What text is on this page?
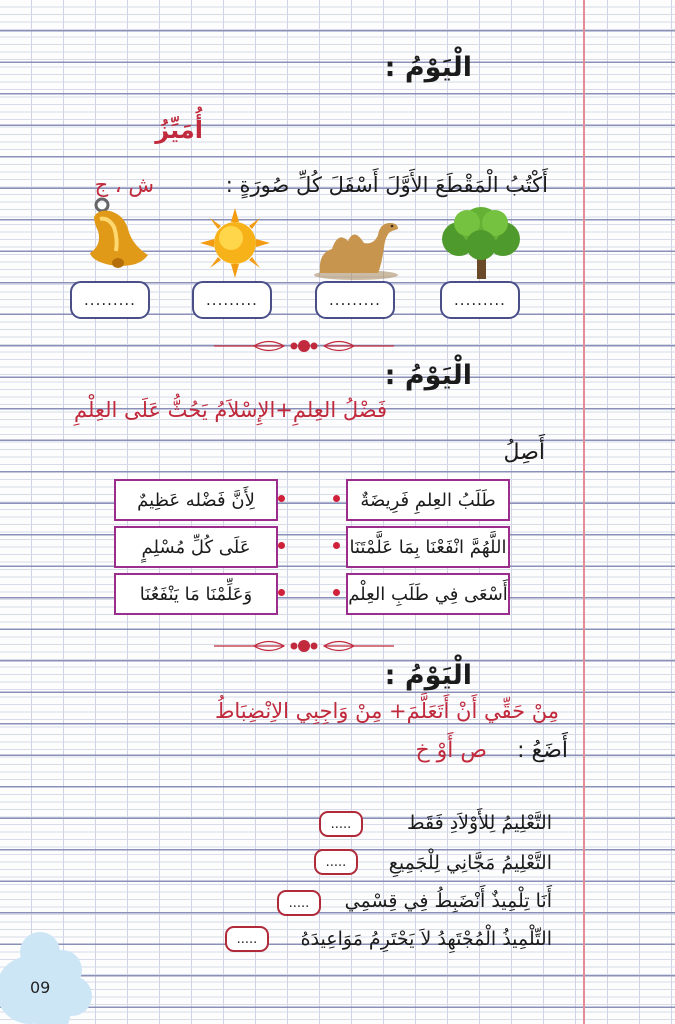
الْيَوْمُ :
أُمَيِّزُ
أَكْتُبُ الْمَقْطَعَ الأَوَّلَ أَسْفَلَ كُلِّ صُورَةٍ :
ش ، ج
.........
.........
.........
.........
الْيَوْمُ :
فَضْلُ العِلمِ+الإِسْلاَمُ يَحُثُّ عَلَى العِلْمِ
أَصِلُ
طَلَبُ العِلمِ فَرِيضَةٌ
اللَّهُمَّ انْفَعْنَا بِمَا عَلَّمْتَنَا
أَسْعَى فِي طَلَبِ العِلْم
لِأَنَّ فَضْله عَظِيمٌ
عَلَى كُلِّ مُسْلِمٍ
وَعَلِّمْنَا مَا يَنْفَعُنَا
الْيَوْمُ :
مِنْ حَقِّي أَنْ أَتَعَلَّمَ+ مِنْ وَاجِبِي الاِنْضِبَاطُ
أَضَعُ :
ص أَوْ خ
التَّعْلِيمُ لِلأَوْلاَدِ فَقَط
.....
التَّعْلِيمُ مَجَّانِي لِلْجَمِيعِ
.....
أَنَا تِلْمِيذٌ أَنْضَبِطُ فِي قِسْمِي
.....
التِّلْمِيذُ الْمُجْتَهِدُ لاَ يَحْتَرِمُ مَوَاعِيدَهُ
.....
09
